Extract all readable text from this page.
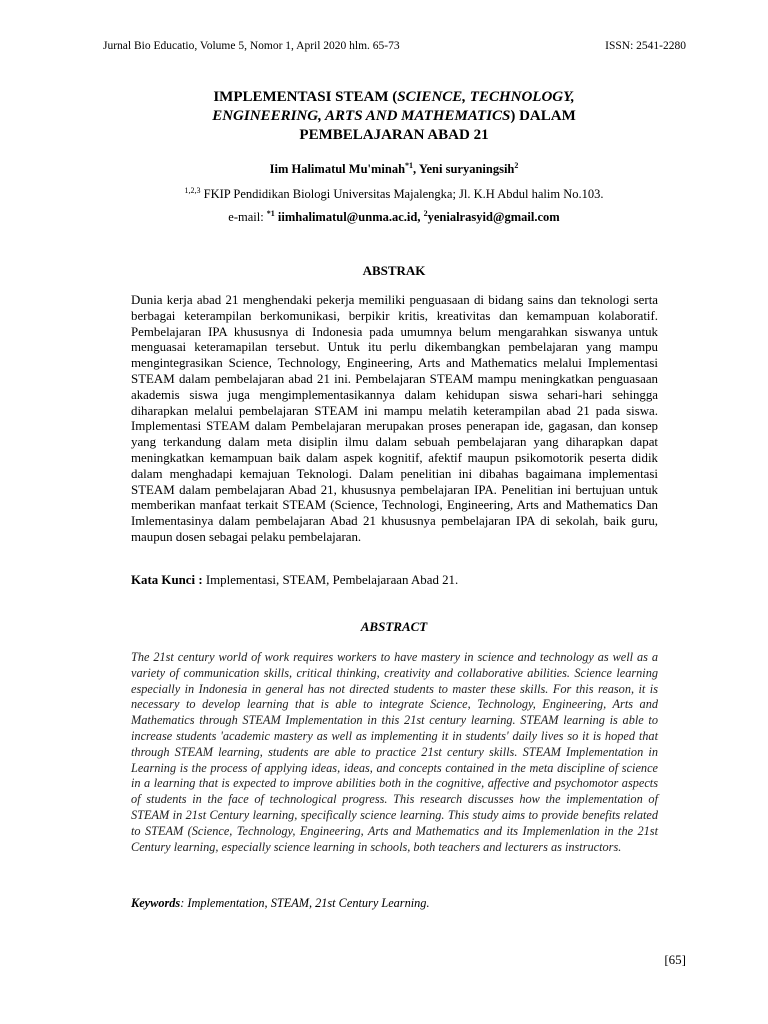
Jurnal Bio Educatio, Volume 5, Nomor 1, April 2020 hlm. 65-73	ISSN: 2541-2280
IMPLEMENTASI STEAM (SCIENCE, TECHNOLOGY,
ENGINEERING, ARTS AND MATHEMATICS) DALAM
PEMBELAJARAN ABAD 21
Iim Halimatul Mu'minah$^{*1}$, Yeni suryaningsih$^2$
$^{1,2,3}$ FKIP Pendidikan Biologi Universitas Majalengka; Jl. K.H Abdul halim No.103.
e-mail: $^{*1}$ iimhalimatul@unma.ac.id, $^2$yenialrasyid@gmail.com
ABSTRAK
Dunia kerja abad 21 menghendaki pekerja memiliki penguasaan di bidang sains dan teknologi serta berbagai keterampilan berkomunikasi, berpikir kritis, kreativitas dan kemampuan kolaboratif. Pembelajaran IPA khususnya di Indonesia pada umumnya belum mengarahkan siswanya untuk menguasai keteramapilan tersebut. Untuk itu perlu dikembangkan pembelajaran yang mampu mengintegrasikan Science, Technology, Engineering, Arts and Mathematics melalui Implementasi STEAM dalam pembelajaran abad 21 ini. Pembelajaran STEAM mampu meningkatkan penguasaan akademis siswa juga mengimplementasikannya dalam kehidupan siswa sehari-hari sehingga diharapkan melalui pembelajaran STEAM ini mampu melatih keterampilan abad 21 pada siswa. Implementasi STEAM dalam Pembelajaran merupakan proses penerapan ide, gagasan, dan konsep yang terkandung dalam meta disiplin ilmu dalam sebuah pembelajaran yang diharapkan dapat meningkatkan kemampuan baik dalam aspek kognitif, afektif maupun psikomotorik peserta didik dalam menghadapi kemajuan Teknologi. Dalam penelitian ini dibahas bagaimana implementasi STEAM dalam pembelajaran Abad 21, khususnya pembelajaran IPA. Penelitian ini bertujuan untuk memberikan manfaat terkait STEAM (Science, Technologi, Engineering, Arts and Mathematics Dan Imlementasinya dalam pembelajaran Abad 21 khususnya pembelajaran IPA di sekolah, baik guru, maupun dosen sebagai pelaku pembelajaran.
Kata Kunci : Implementasi, STEAM, Pembelajaraan Abad 21.
ABSTRACT
The 21st century world of work requires workers to have mastery in science and technology as well as a variety of communication skills, critical thinking, creativity and collaborative abilities. Science learning especially in Indonesia in general has not directed students to master these skills. For this reason, it is necessary to develop learning that is able to integrate Science, Technology, Engineering, Arts and Mathematics through STEAM Implementation in this 21st century learning. STEAM learning is able to increase students 'academic mastery as well as implementing it in students' daily lives so it is hoped that through STEAM learning, students are able to practice 21st century skills. STEAM Implementation in Learning is the process of applying ideas, ideas, and concepts contained in the meta discipline of science in a learning that is expected to improve abilities both in the cognitive, affective and psychomotor aspects of students in the face of technological progress. This research discusses how the implementation of STEAM in 21st Century learning, specifically science learning. This study aims to provide benefits related to STEAM (Science, Technology, Engineering, Arts and Mathematics and its Implemenlation in the 21st Century learning, especially science learning in schools, both teachers and lecturers as instructors.
Keywords: Implementation, STEAM, 21st Century Learning.
[65]
